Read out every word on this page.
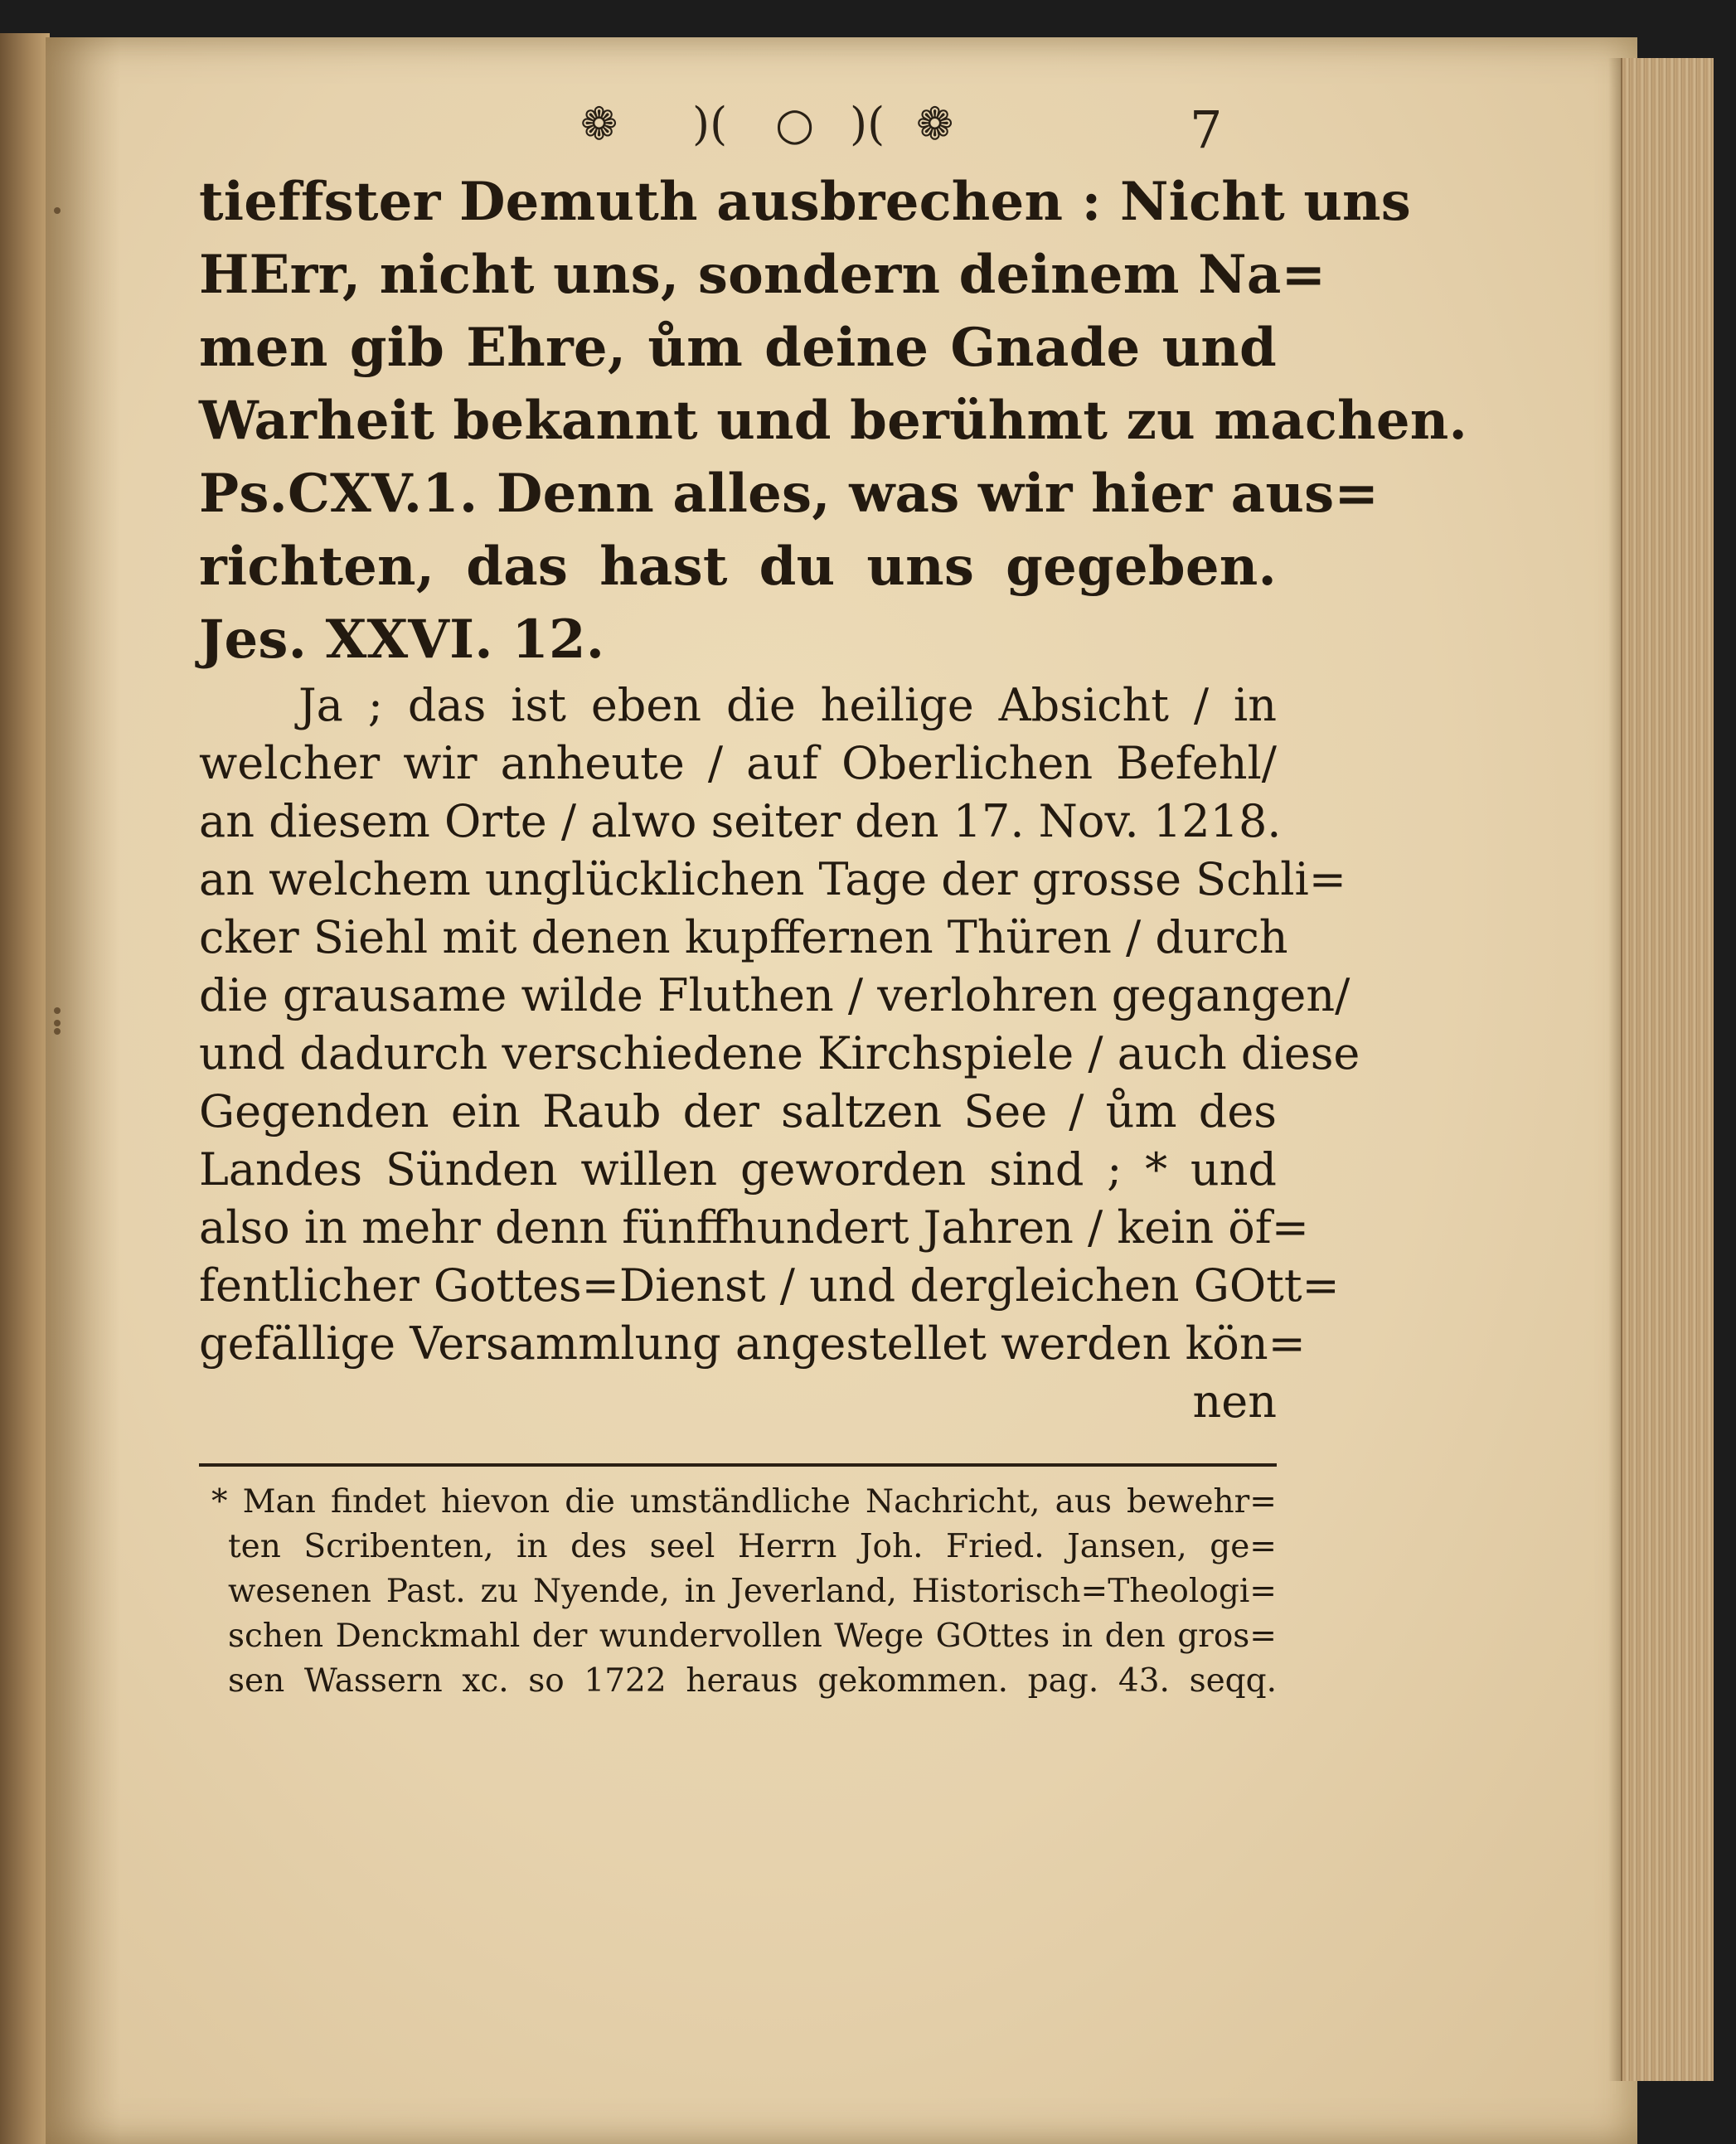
❁ )( ○ )( ❁	7
tieffster Demuth ausbrechen : Nicht uns
HErr, nicht uns, sondern deinem Na=
men gib Ehre, ům deine Gnade und
Warheit bekannt und berühmt zu machen.
Ps.CXV.1. Denn alles, was wir hier aus=
richten, das hast du uns gegeben.
Jes. XXVI. 12.
Ja ; das ist eben die heilige Absicht / in
welcher wir anheute / auf Oberlichen Befehl/
an diesem Orte / alwo seiter den 17. Nov. 1218.
an welchem unglücklichen Tage der grosse Schli=
cker Siehl mit denen kupffernen Thüren / durch
die grausame wilde Fluthen / verlohren gegangen/
und dadurch verschiedene Kirchspiele / auch diese
Gegenden ein Raub der saltzen See / ům des
Landes Sünden willen geworden sind ; * und
also in mehr denn fünffhundert Jahren / kein öf=
fentlicher Gottes=Dienst / und dergleichen GOtt=
gefällige Versammlung angestellet werden kön=
nen
* Man findet hievon die umständliche Nachricht, aus bewehr=
ten Scribenten, in des seel Herrn Joh. Fried. Jansen, ge=
wesenen Past. zu Nyende, in Jeverland, Historisch=Theologi=
schen Denckmahl der wundervollen Wege GOttes in den gros=
sen Wassern xc. so 1722 heraus gekommen. pag. 43. seqq.
